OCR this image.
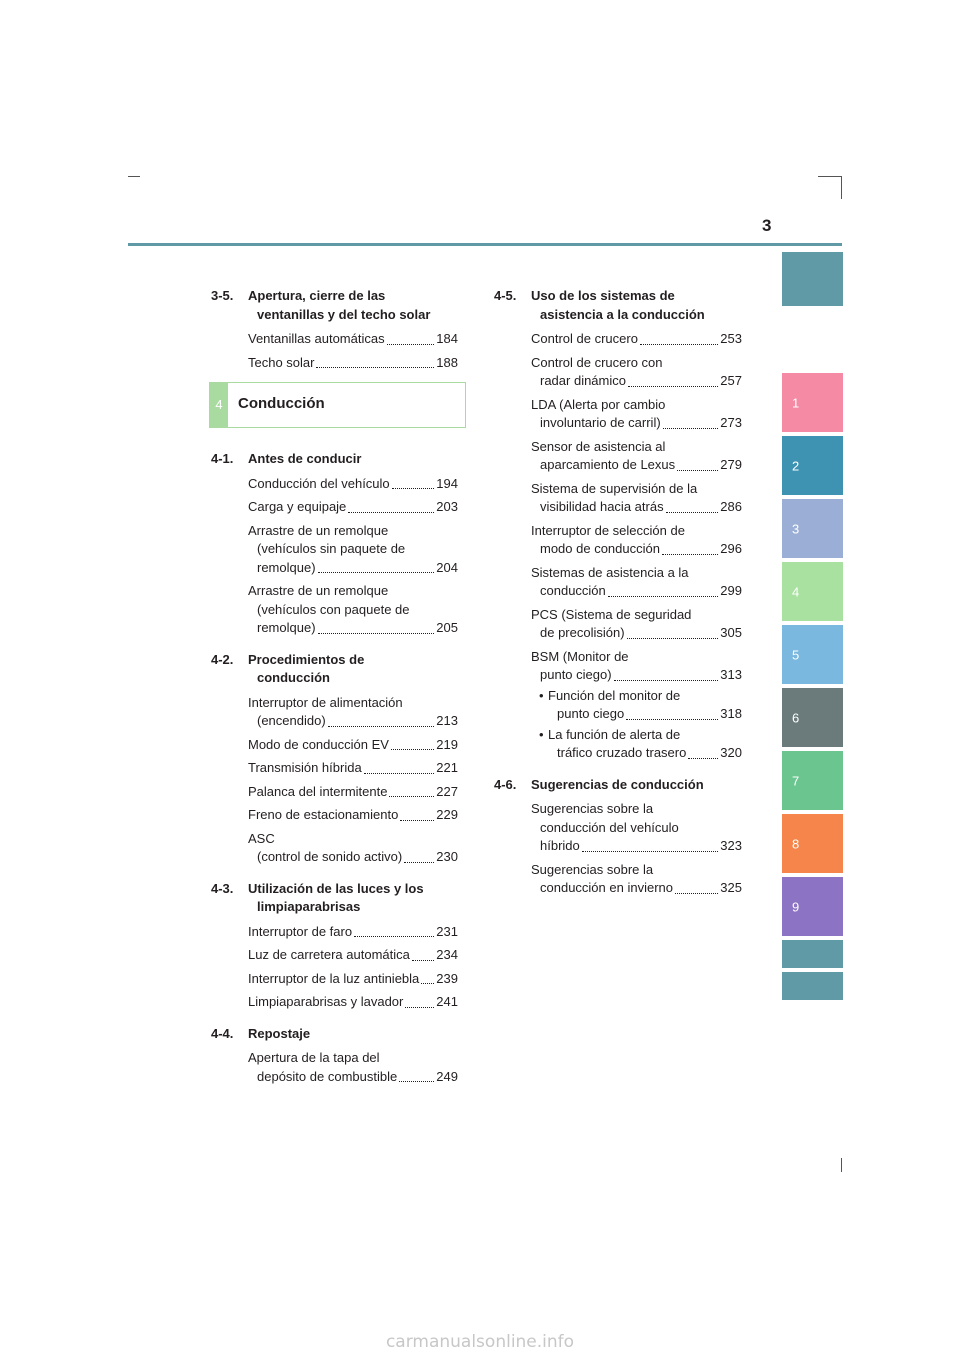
3
1
2
3
4
5
6
7
8
9
3-5. Apertura, cierre de las
ventanillas y del techo solar
Ventanillas automáticas	184
Techo solar	188
4	Conducción
4-1. Antes de conducir
Conducción del vehículo	194
Carga y equipaje	203
Arrastre de un remolque
(vehículos sin paquete de
remolque)	204
Arrastre de un remolque
(vehículos con paquete de
remolque)	205
4-2. Procedimientos de
conducción
Interruptor de alimentación
(encendido)	213
Modo de conducción EV	219
Transmisión híbrida	221
Palanca del intermitente	227
Freno de estacionamiento	229
ASC
(control de sonido activo)	230
4-3. Utilización de las luces y los
limpiaparabrisas
Interruptor de faro	231
Luz de carretera automática 234
Interruptor de la luz antiniebla 239
Limpiaparabrisas y lavador	241
4-4. Repostaje
Apertura de la tapa del
depósito de combustible	249
4-5. Uso de los sistemas de
asistencia a la conducción
Control de crucero	253
Control de crucero con
radar dinámico	257
LDA (Alerta por cambio
involuntario de carril)	273
Sensor de asistencia al
aparcamiento de Lexus	279
Sistema de supervisión de la
visibilidad hacia atrás	286
Interruptor de selección de
modo de conducción	296
Sistemas de asistencia a la
conducción	299
PCS (Sistema de seguridad
de precolisión)	305
BSM (Monitor de
punto ciego)	313
• Función del monitor de
punto ciego	318
• La función de alerta de
tráfico cruzado trasero	320
4-6. Sugerencias de conducción
Sugerencias sobre la
conducción del vehículo
híbrido	323
Sugerencias sobre la
conducción en invierno	325
carmanualsonline.info
